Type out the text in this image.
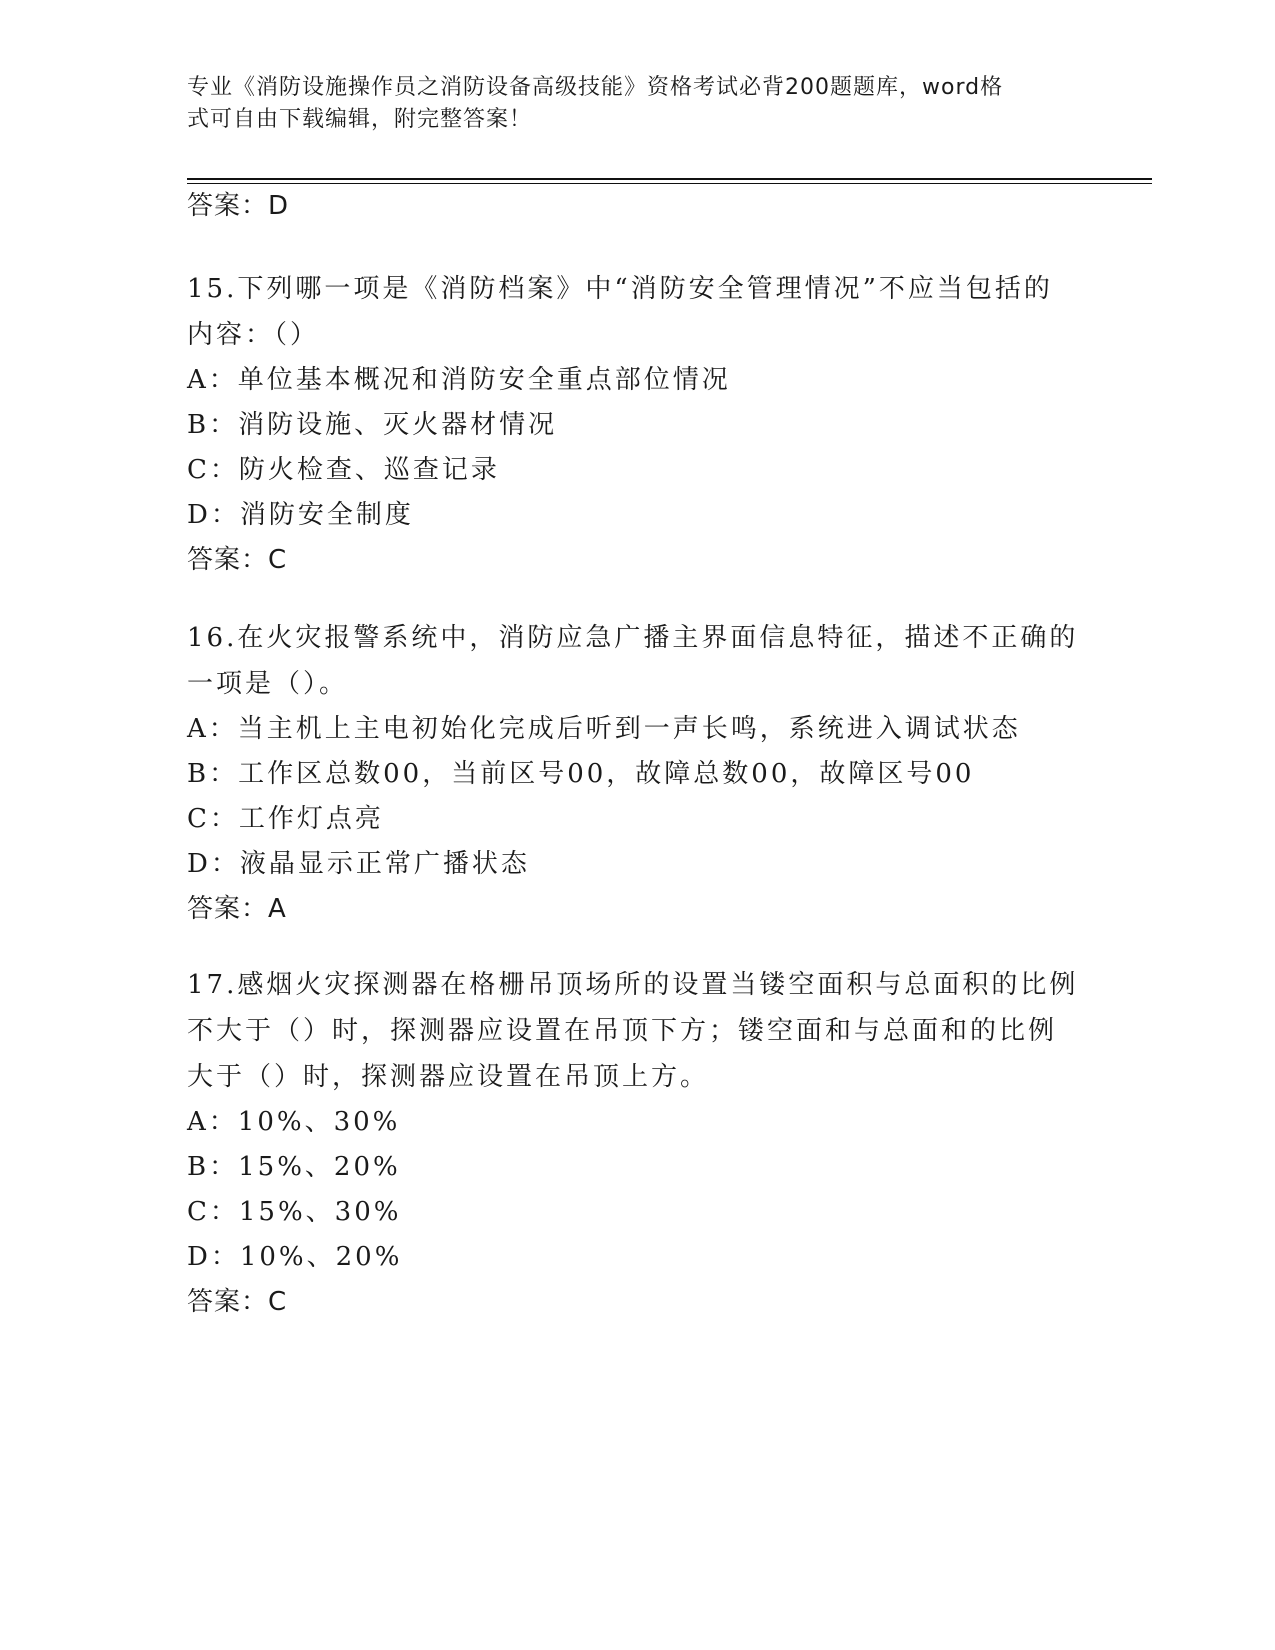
专业《消防设施操作员之消防设备高级技能》资格考试必背200题题库，word格
式可自由下载编辑，附完整答案！
答案：D

15.下列哪一项是《消防档案》中“消防安全管理情况”不应当包括的
内容：（）

A：单位基本概况和消防安全重点部位情况
B：消防设施、灭火器材情况
C：防火检查、巡查记录
D：消防安全制度
答案：C

16.在火灾报警系统中，消防应急广播主界面信息特征，描述不正确的
一项是（）。

A：当主机上主电初始化完成后听到一声长鸣，系统进入调试状态
B：工作区总数00，当前区号00，故障总数00，故障区号00
C：工作灯点亮
D：液晶显示正常广播状态
答案：A

17.感烟火灾探测器在格栅吊顶场所的设置当镂空面积与总面积的比例
不大于（）时，探测器应设置在吊顶下方；镂空面和与总面和的比例
大于（）时，探测器应设置在吊顶上方。

A：10%、30%
B：15%、20%
C：15%、30%
D：10%、20%
答案：C
